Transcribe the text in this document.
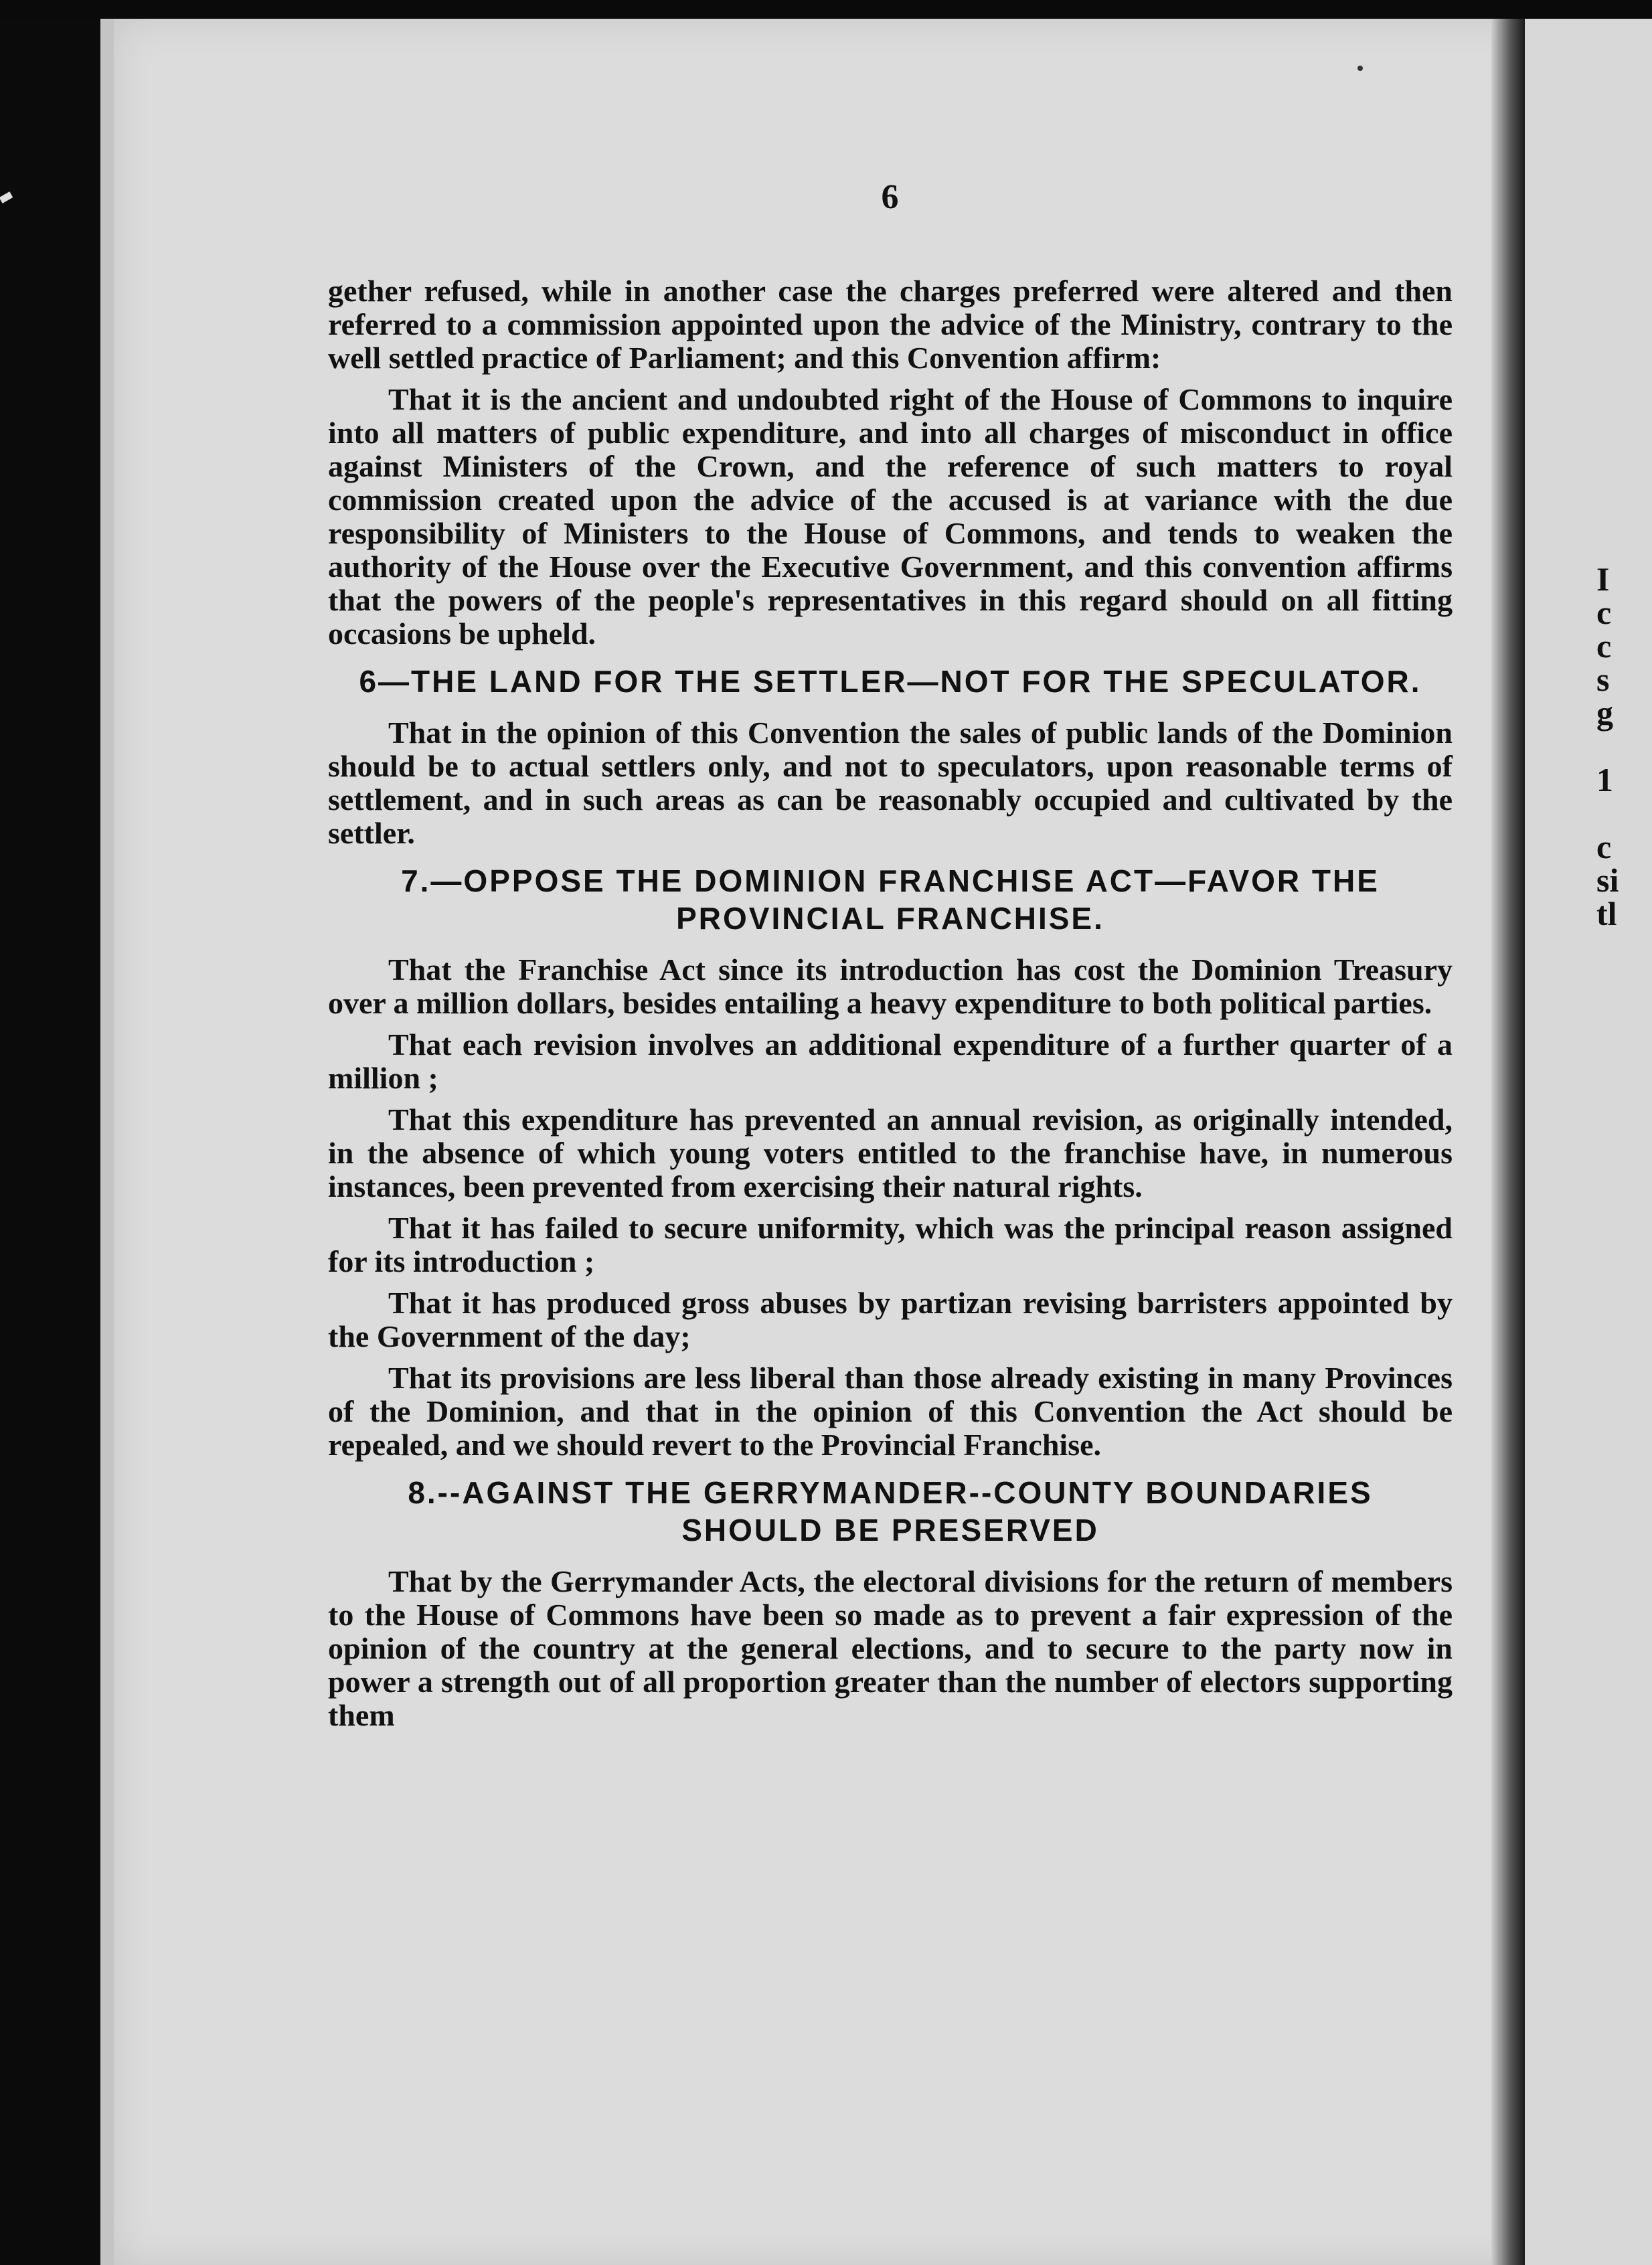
I
c
c
s
g
1
c
si
tl
6

gether refused, while in another case the charges preferred were altered and then referred to a commission appointed upon the advice of the Ministry, contrary to the well settled practice of Parliament; and this Convention affirm:

That it is the ancient and undoubted right of the House of Commons to inquire into all matters of public expenditure, and into all charges of misconduct in office against Ministers of the Crown, and the reference of such matters to royal commission created upon the advice of the accused is at variance with the due responsibility of Ministers to the House of Commons, and tends to weaken the authority of the House over the Executive Government, and this convention affirms that the powers of the people's representatives in this regard should on all fitting occasions be upheld.

6—THE LAND FOR THE SETTLER—NOT FOR THE SPECULATOR.

That in the opinion of this Convention the sales of public lands of the Dominion should be to actual settlers only, and not to speculators, upon reasonable terms of settlement, and in such areas as can be reasonably occupied and cultivated by the settler.

7.—OPPOSE THE DOMINION FRANCHISE ACT—FAVOR THE PROVINCIAL FRANCHISE.

That the Franchise Act since its introduction has cost the Dominion Treasury over a million dollars, besides entailing a heavy expenditure to both political parties.

That each revision involves an additional expenditure of a further quarter of a million ;

That this expenditure has prevented an annual revision, as originally intended, in the absence of which young voters entitled to the franchise have, in numerous instances, been prevented from exercising their natural rights.

That it has failed to secure uniformity, which was the principal reason assigned for its introduction ;

That it has produced gross abuses by partizan revising barristers appointed by the Government of the day;

That its provisions are less liberal than those already existing in many Provinces of the Dominion, and that in the opinion of this Convention the Act should be repealed, and we should revert to the Provincial Franchise.

8.--AGAINST THE GERRYMANDER--COUNTY BOUNDARIES SHOULD BE PRESERVED

That by the Gerrymander Acts, the electoral divisions for the return of members to the House of Commons have been so made as to prevent a fair expression of the opinion of the country at the general elections, and to secure to the party now in power a strength out of all proportion greater than the number of electors supporting them
